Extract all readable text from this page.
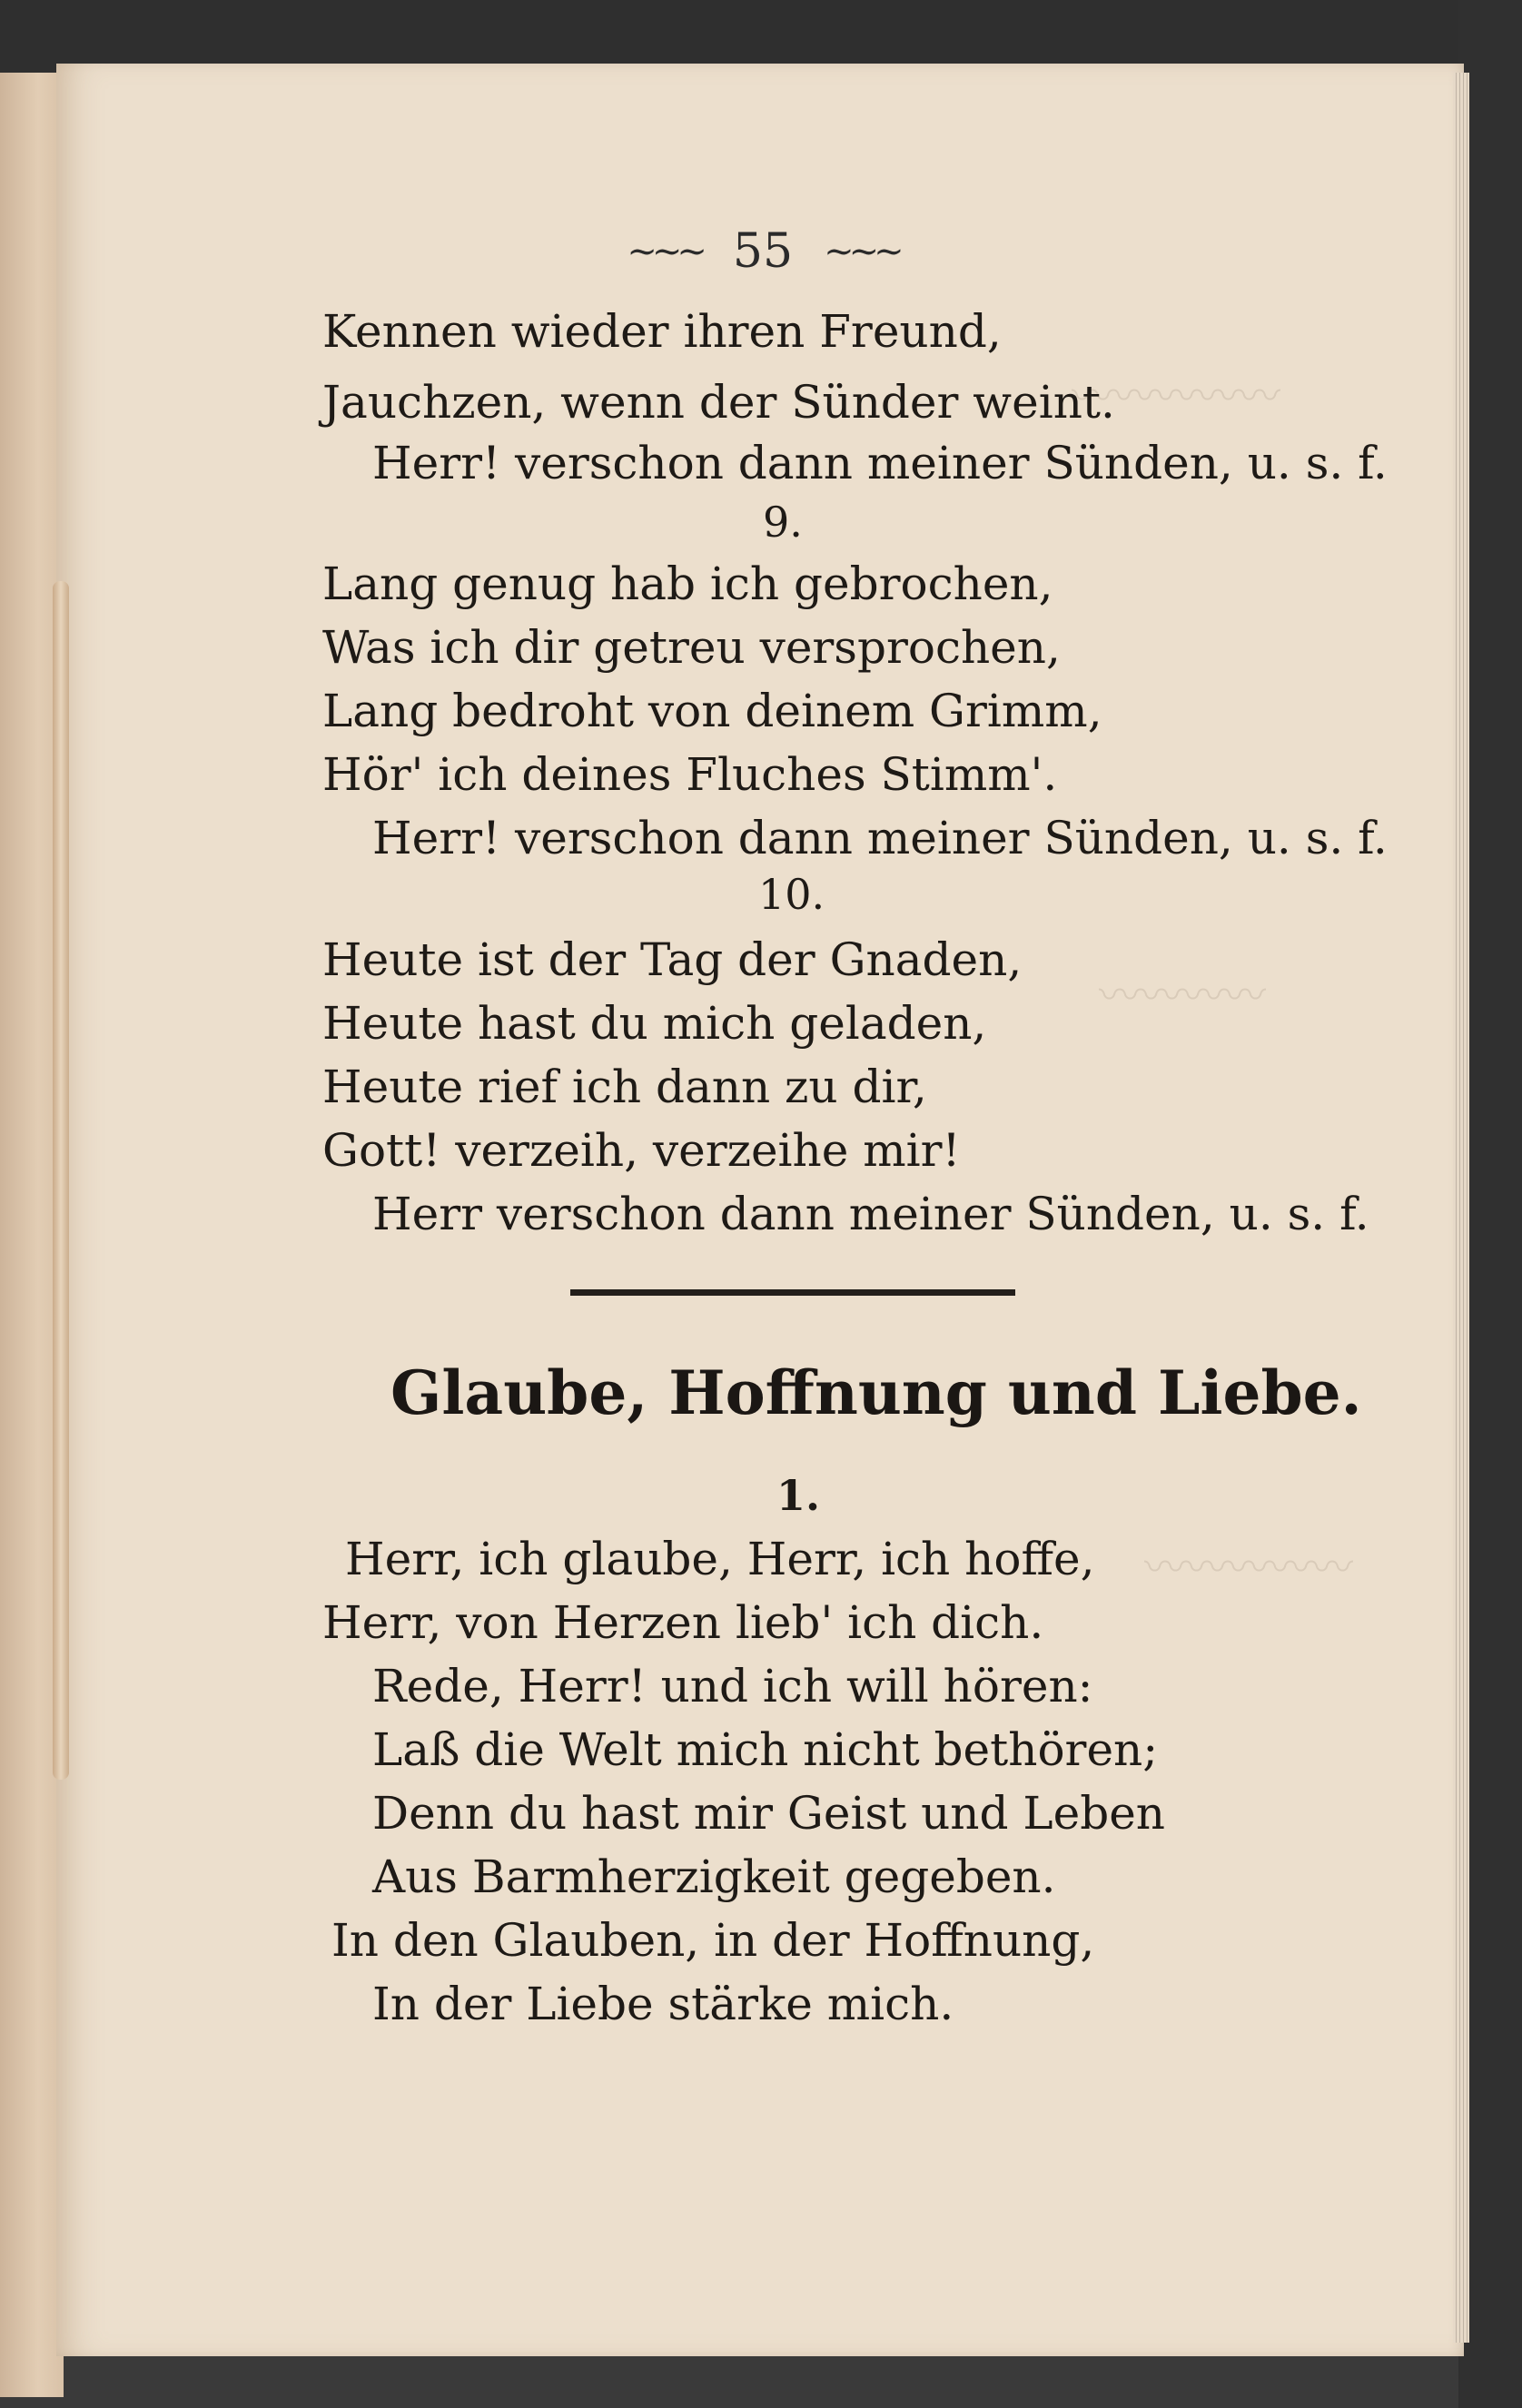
〰〰〰〰〰
〰〰〰〰
〰〰〰〰〰
~~~ 55 ~~~
Kennen wieder ihren Freund,
Jauchzen, wenn der Sünder weint.
Herr! verschon dann meiner Sünden, u. s. f.
9.
Lang genug hab ich gebrochen,
Was ich dir getreu versprochen,
Lang bedroht von deinem Grimm,
Hör' ich deines Fluches Stimm'.
Herr! verschon dann meiner Sünden, u. s. f.
10.
Heute ist der Tag der Gnaden,
Heute hast du mich geladen,
Heute rief ich dann zu dir,
Gott! verzeih, verzeihe mir!
Herr verschon dann meiner Sünden, u. s. f.
Glaube, Hoffnung und Liebe.
1.
Herr, ich glaube, Herr, ich hoffe,
Herr, von Herzen lieb' ich dich.
Rede, Herr! und ich will hören:
Laß die Welt mich nicht bethören;
Denn du hast mir Geist und Leben
Aus Barmherzigkeit gegeben.
In den Glauben, in der Hoffnung,
In der Liebe stärke mich.
